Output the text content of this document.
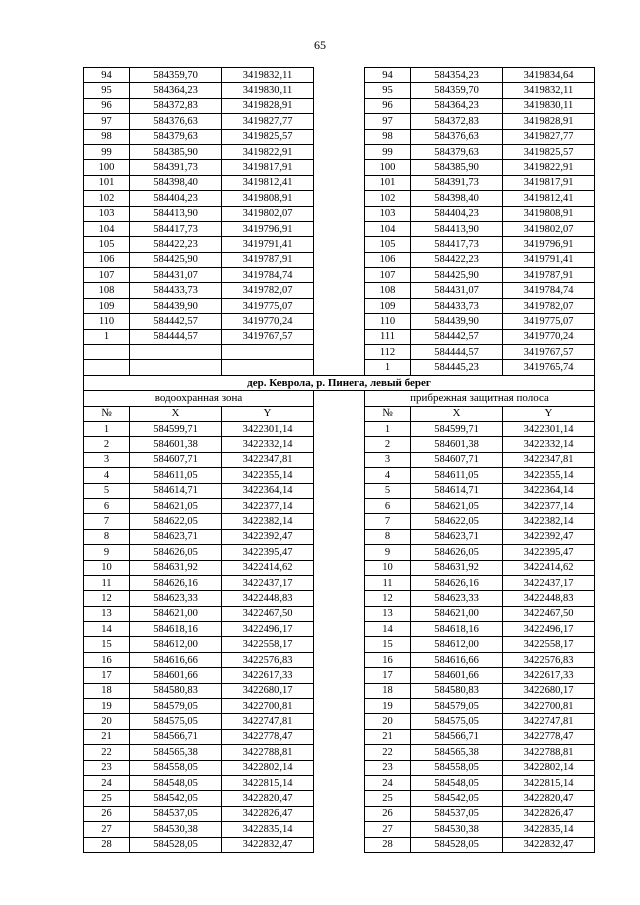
65
94	584359,70	3419832,11		94	584354,23	3419834,64
95	584364,23	3419830,11		95	584359,70	3419832,11
96	584372,83	3419828,91		96	584364,23	3419830,11
97	584376,63	3419827,77		97	584372,83	3419828,91
98	584379,63	3419825,57		98	584376,63	3419827,77
99	584385,90	3419822,91		99	584379,63	3419825,57
100	584391,73	3419817,91		100	584385,90	3419822,91
101	584398,40	3419812,41		101	584391,73	3419817,91
102	584404,23	3419808,91		102	584398,40	3419812,41
103	584413,90	3419802,07		103	584404,23	3419808,91
104	584417,73	3419796,91		104	584413,90	3419802,07
105	584422,23	3419791,41		105	584417,73	3419796,91
106	584425,90	3419787,91		106	584422,23	3419791,41
107	584431,07	3419784,74		107	584425,90	3419787,91
108	584433,73	3419782,07		108	584431,07	3419784,74
109	584439,90	3419775,07		109	584433,73	3419782,07
110	584442,57	3419770,24		110	584439,90	3419775,07
1	584444,57	3419767,57		111	584442,57	3419770,24
				112	584444,57	3419767,57
				1	584445,23	3419765,74
дер. Кеврола, р. Пинега, левый берег						
водоохранная зона				прибрежная защитная полоса		
№	X	Y		№	X	Y
1	584599,71	3422301,14		1	584599,71	3422301,14
2	584601,38	3422332,14		2	584601,38	3422332,14
3	584607,71	3422347,81		3	584607,71	3422347,81
4	584611,05	3422355,14		4	584611,05	3422355,14
5	584614,71	3422364,14		5	584614,71	3422364,14
6	584621,05	3422377,14		6	584621,05	3422377,14
7	584622,05	3422382,14		7	584622,05	3422382,14
8	584623,71	3422392,47		8	584623,71	3422392,47
9	584626,05	3422395,47		9	584626,05	3422395,47
10	584631,92	3422414,62		10	584631,92	3422414,62
11	584626,16	3422437,17		11	584626,16	3422437,17
12	584623,33	3422448,83		12	584623,33	3422448,83
13	584621,00	3422467,50		13	584621,00	3422467,50
14	584618,16	3422496,17		14	584618,16	3422496,17
15	584612,00	3422558,17		15	584612,00	3422558,17
16	584616,66	3422576,83		16	584616,66	3422576,83
17	584601,66	3422617,33		17	584601,66	3422617,33
18	584580,83	3422680,17		18	584580,83	3422680,17
19	584579,05	3422700,81		19	584579,05	3422700,81
20	584575,05	3422747,81		20	584575,05	3422747,81
21	584566,71	3422778,47		21	584566,71	3422778,47
22	584565,38	3422788,81		22	584565,38	3422788,81
23	584558,05	3422802,14		23	584558,05	3422802,14
24	584548,05	3422815,14		24	584548,05	3422815,14
25	584542,05	3422820,47		25	584542,05	3422820,47
26	584537,05	3422826,47		26	584537,05	3422826,47
27	584530,38	3422835,14		27	584530,38	3422835,14
28	584528,05	3422832,47		28	584528,05	3422832,47
